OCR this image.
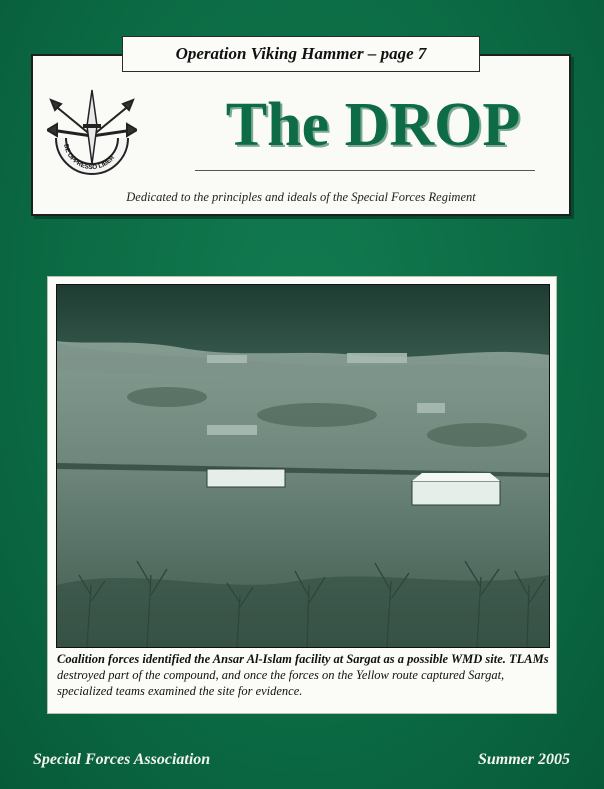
DE OPPRESSO LIBER	The DROP
Dedicated to the principles and ideals of the Special Forces Regiment
Operation Viking Hammer – page 7
Coalition forces identified the Ansar Al-Islam facility at Sargat as a possible WMD site. TLAMs destroyed part of the compound, and once the forces on the Yellow route captured Sargat, specialized teams examined the site for evidence.
Special Forces Association	Summer 2005
